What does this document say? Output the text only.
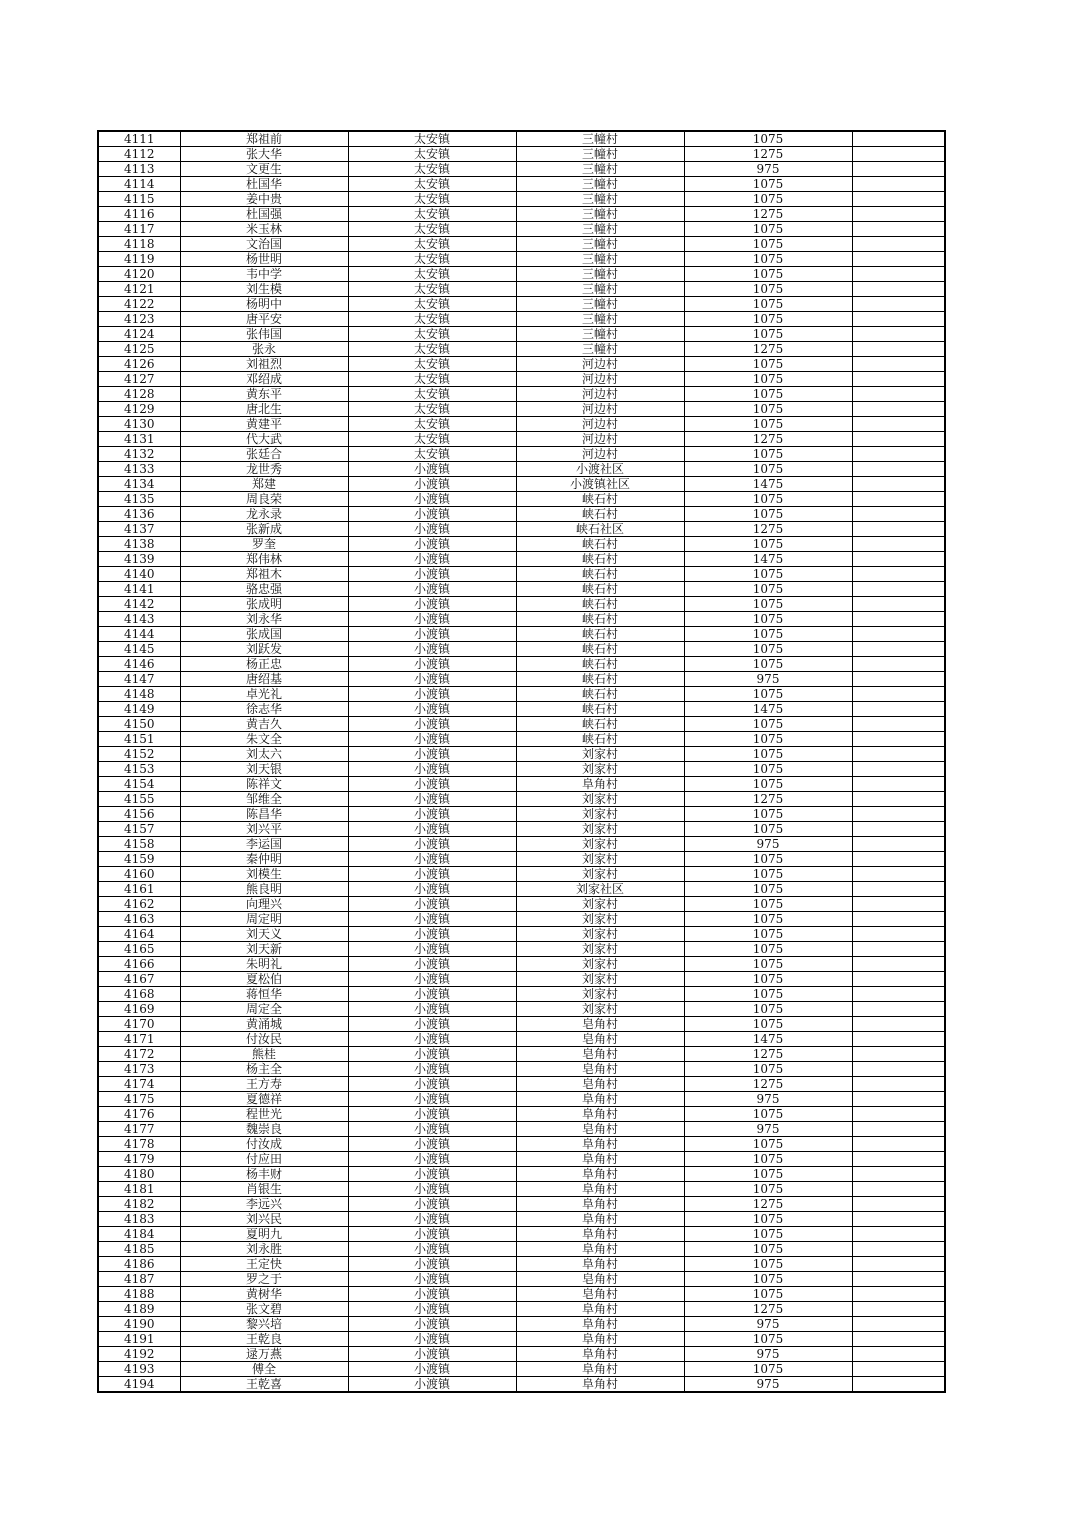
4111	郑祖前	太安镇	三幢村	1075	
4112	张大华	太安镇	三幢村	1275	
4113	文更生	太安镇	三幢村	975	
4114	杜国华	太安镇	三幢村	1075	
4115	姜中贵	太安镇	三幢村	1075	
4116	杜国强	太安镇	三幢村	1275	
4117	米玉林	太安镇	三幢村	1075	
4118	文治国	太安镇	三幢村	1075	
4119	杨世明	太安镇	三幢村	1075	
4120	韦中学	太安镇	三幢村	1075	
4121	刘生模	太安镇	三幢村	1075	
4122	杨明中	太安镇	三幢村	1075	
4123	唐平安	太安镇	三幢村	1075	
4124	张伟国	太安镇	三幢村	1075	
4125	张永	太安镇	三幢村	1275	
4126	刘祖烈	太安镇	河边村	1075	
4127	邓绍成	太安镇	河边村	1075	
4128	黄东平	太安镇	河边村	1075	
4129	唐北生	太安镇	河边村	1075	
4130	黄建平	太安镇	河边村	1075	
4131	代大武	太安镇	河边村	1275	
4132	张廷合	太安镇	河边村	1075	
4133	龙世秀	小渡镇	小渡社区	1075	
4134	郑建	小渡镇	小渡镇社区	1475	
4135	周良荣	小渡镇	峡石村	1075	
4136	龙永录	小渡镇	峡石村	1075	
4137	张新成	小渡镇	峡石社区	1275	
4138	罗奎	小渡镇	峡石村	1075	
4139	郑伟林	小渡镇	峡石村	1475	
4140	郑祖木	小渡镇	峡石村	1075	
4141	骆忠强	小渡镇	峡石村	1075	
4142	张成明	小渡镇	峡石村	1075	
4143	刘永华	小渡镇	峡石村	1075	
4144	张成国	小渡镇	峡石村	1075	
4145	刘跃发	小渡镇	峡石村	1075	
4146	杨正忠	小渡镇	峡石村	1075	
4147	唐绍基	小渡镇	峡石村	975	
4148	卓光礼	小渡镇	峡石村	1075	
4149	徐志华	小渡镇	峡石村	1475	
4150	黄吉久	小渡镇	峡石村	1075	
4151	朱文全	小渡镇	峡石村	1075	
4152	刘太六	小渡镇	刘家村	1075	
4153	刘天银	小渡镇	刘家村	1075	
4154	陈祥文	小渡镇	阜角村	1075	
4155	邹维全	小渡镇	刘家村	1275	
4156	陈昌华	小渡镇	刘家村	1075	
4157	刘兴平	小渡镇	刘家村	1075	
4158	李运国	小渡镇	刘家村	975	
4159	秦仲明	小渡镇	刘家村	1075	
4160	刘模生	小渡镇	刘家村	1075	
4161	熊良明	小渡镇	刘家社区	1075	
4162	向理兴	小渡镇	刘家村	1075	
4163	周定明	小渡镇	刘家村	1075	
4164	刘天义	小渡镇	刘家村	1075	
4165	刘天新	小渡镇	刘家村	1075	
4166	朱明礼	小渡镇	刘家村	1075	
4167	夏松伯	小渡镇	刘家村	1075	
4168	蒋恒华	小渡镇	刘家村	1075	
4169	周定全	小渡镇	刘家村	1075	
4170	黄涌城	小渡镇	皂角村	1075	
4171	付汝民	小渡镇	皂角村	1475	
4172	熊桂	小渡镇	皂角村	1275	
4173	杨主全	小渡镇	皂角村	1075	
4174	王方寿	小渡镇	皂角村	1275	
4175	夏德祥	小渡镇	阜角村	975	
4176	程世光	小渡镇	阜角村	1075	
4177	魏崇良	小渡镇	皂角村	975	
4178	付汝成	小渡镇	阜角村	1075	
4179	付应田	小渡镇	阜角村	1075	
4180	杨丰财	小渡镇	阜角村	1075	
4181	肖银生	小渡镇	阜角村	1075	
4182	李远兴	小渡镇	阜角村	1275	
4183	刘兴民	小渡镇	阜角村	1075	
4184	夏明九	小渡镇	阜角村	1075	
4185	刘永胜	小渡镇	阜角村	1075	
4186	王定快	小渡镇	阜角村	1075	
4187	罗之于	小渡镇	皂角村	1075	
4188	黄树华	小渡镇	皂角村	1075	
4189	张文碧	小渡镇	阜角村	1275	
4190	黎兴培	小渡镇	阜角村	975	
4191	王乾良	小渡镇	阜角村	1075	
4192	逯万燕	小渡镇	阜角村	975	
4193	傅全	小渡镇	阜角村	1075	
4194	王乾喜	小渡镇	阜角村	975	
